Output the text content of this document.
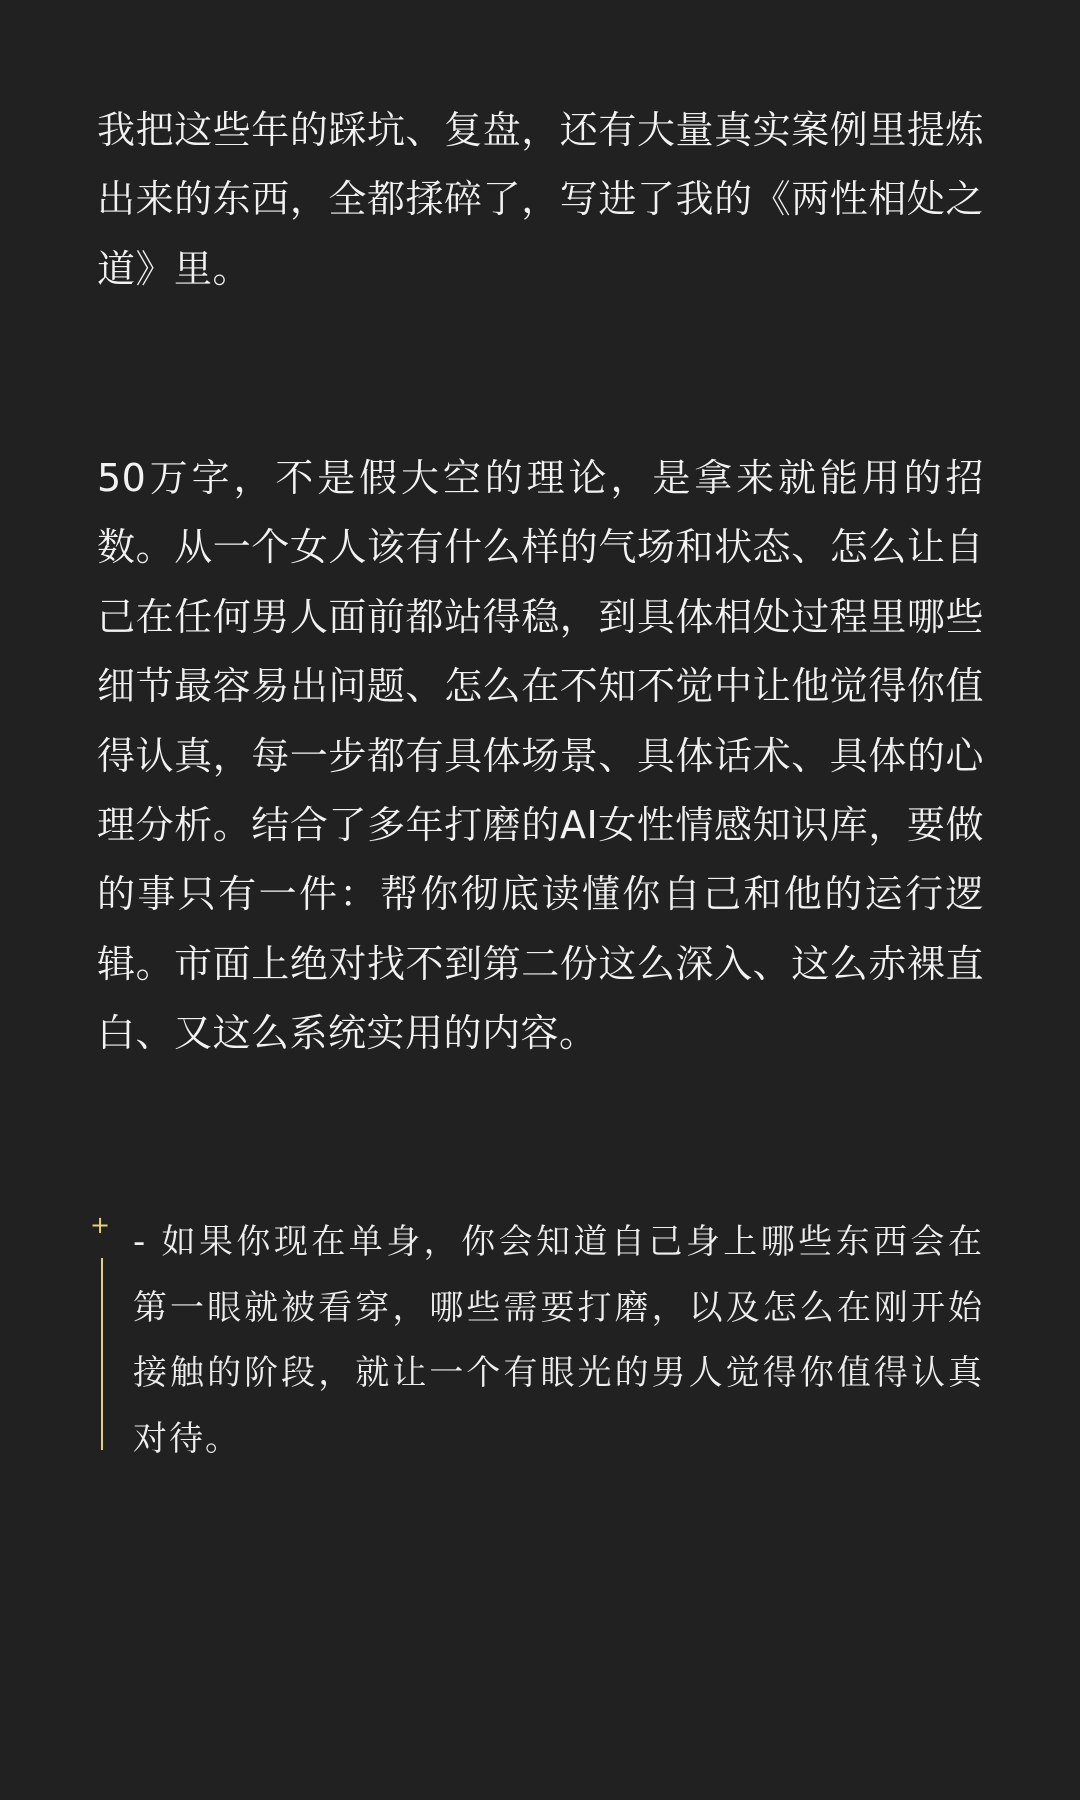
我把这些年的踩坑、复盘，还有大量真实案例里提炼出来的东西，全都揉碎了，写进了我的《两性相处之道》里。

50万字，不是假大空的理论，是拿来就能用的招数。从一个女人该有什么样的气场和状态、怎么让自己在任何男人面前都站得稳，到具体相处过程里哪些细节最容易出问题、怎么在不知不觉中让他觉得你值得认真，每一步都有具体场景、具体话术、具体的心理分析。结合了多年打磨的AI女性情感知识库，要做的事只有一件：帮你彻底读懂你自己和他的运行逻辑。市面上绝对找不到第二份这么深入、这么赤裸直白、又这么系统实用的内容。

+ - 如果你现在单身，你会知道自己身上哪些东西会在第一眼就被看穿，哪些需要打磨，以及怎么在刚开始接触的阶段，就让一个有眼光的男人觉得你值得认真对待。
